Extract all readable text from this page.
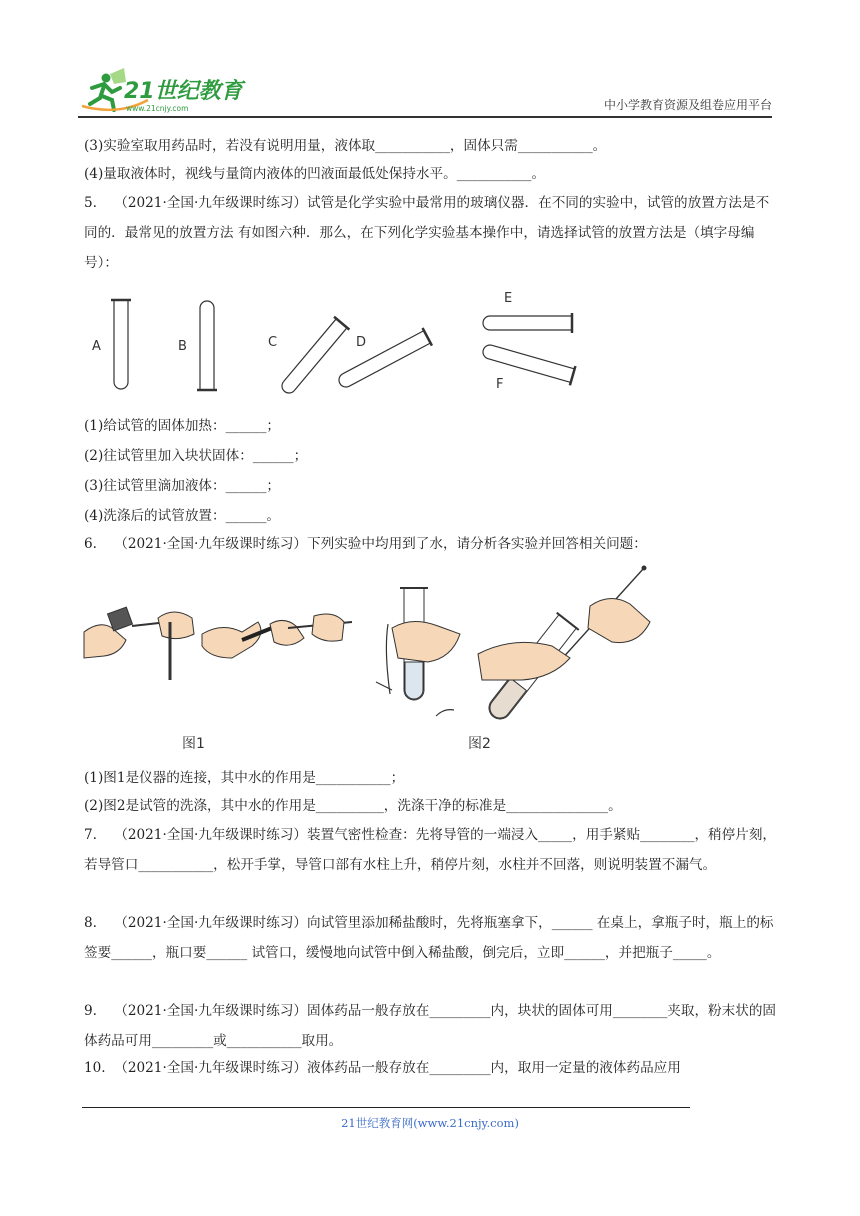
21世纪教育
www.21cnjy.com	中小学教育资源及组卷应用平台
(3)实验室取用药品时，若没有说明用量，液体取___________，固体只需___________。
(4)量取液体时，视线与量筒内液体的凹液面最低处保持水平。___________。
5.    （2021·全国·九年级课时练习）试管是化学实验中最常用的玻璃仪器．在不同的实验中，试管的放置方法是不同的．最常见的放置方法 有如图六种．那么，在下列化学实验基本操作中，请选择试管的放置方法是（填字母编号）：
A	B	C	D
E
F
(1)给试管的固体加热：______；
(2)往试管里加入块状固体：______；
(3)往试管里滴加液体：______；
(4)洗涤后的试管放置：______。
6.    （2021·全国·九年级课时练习）下列实验中均用到了水，请分析各实验并回答相关问题：
图1	图2
(1)图1是仪器的连接，其中水的作用是___________；
(2)图2是试管的洗涤，其中水的作用是__________，洗涤干净的标准是_______________。
7.    （2021·全国·九年级课时练习）装置气密性检查：先将导管的一端浸入_____，用手紧贴________，稍停片刻，若导管口___________，松开手掌，导管口部有水柱上升，稍停片刻，水柱并不回落，则说明装置不漏气。
8.    （2021·全国·九年级课时练习）向试管里添加稀盐酸时，先将瓶塞拿下，______ 在桌上，拿瓶子时，瓶上的标签要______，瓶口要______ 试管口，缓慢地向试管中倒入稀盐酸，倒完后，立即______，并把瓶子_____。
9.    （2021·全国·九年级课时练习）固体药品一般存放在_________内，块状的固体可用________夹取，粉末状的固体药品可用_________或___________取用。
10.  （2021·全国·九年级课时练习）液体药品一般存放在_________内，取用一定量的液体药品应用
21世纪教育网(www.21cnjy.com)
